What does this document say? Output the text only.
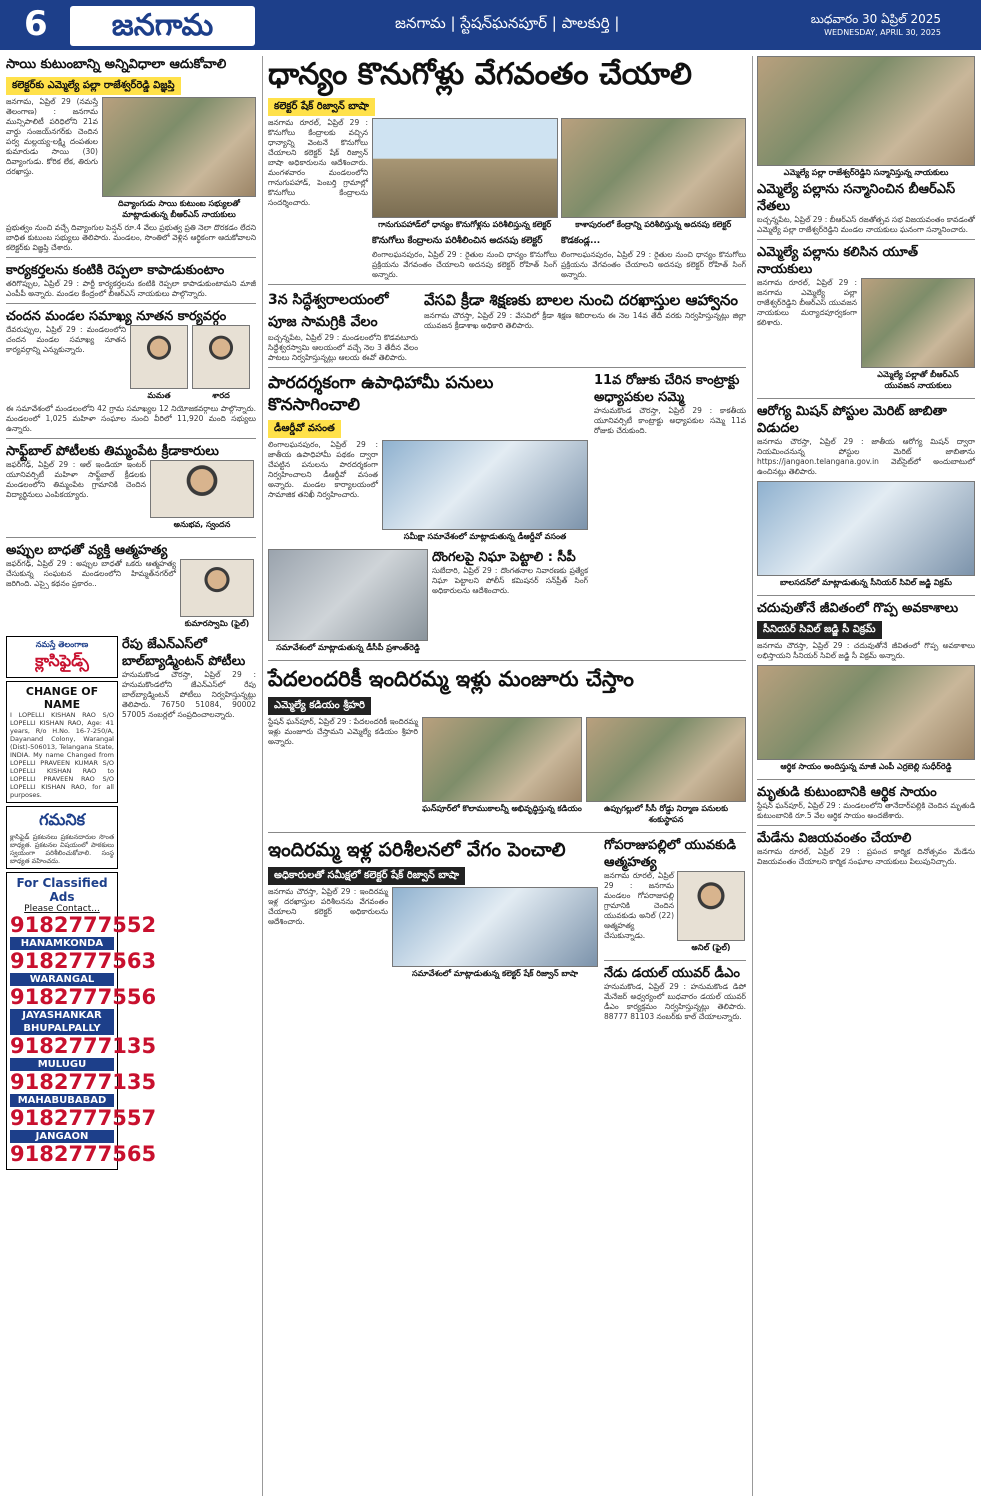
6	జనగామ	జనగామ | స్టేషన్‌ఘనపూర్ | పాలకుర్తి |	బుధవారం 30 ఏప్రిల్ 2025
WEDNESDAY, APRIL 30, 2025
సాయి కుటుంబాన్ని అన్నివిధాలా ఆదుకోవాలి
కలెక్టర్‌కు ఎమ్మెల్యే పల్లా రాజేశ్వర్‌రెడ్డి విజ్ఞప్తి
జనగామ, ఏప్రిల్ 29 (నమస్తే తెలంగాణ) : జనగామ మున్సిపాలిటీ పరిధిలోని 21వ వార్డు సంజయ్‌నగర్‌కు చెందిన పర్వ మల్లయ్య-లక్ష్మి దంపతుల కుమారుడు సాయి (30) దివ్యాంగుడు. కోరిక లేక, తిరుగు దరఖాస్తు.
దివ్యాంగుడు సాయి కుటుంబ సభ్యులతో మాట్లాడుతున్న బీఆర్ఎస్ నాయకులు
ప్రభుత్వం నుంచి వచ్చే దివ్యాంగుల పెన్షన్ రూ.4 వేలు ప్రభుత్వ ప్రతి నెలా దొరకడం లేదని బాధిత కుటుంబ సభ్యులు తెలిపారు. మండలం, సొంతిలో వెళ్లిన ఆర్థికంగా ఆదుకోవాలని కలెక్టర్‌కు విజ్ఞప్తి చేశారు.
కార్యకర్తలను కంటికి రెప్పలా కాపాడుకుంటాం
తరిగొప్పుల, ఏప్రిల్ 29 : పార్టీ కార్యకర్తలను కంటికి రెప్పలా కాపాడుకుంటామని మాజీ ఎంపీపీ అన్నారు. మండల కేంద్రంలో బీఆర్ఎస్ నాయకులు పాల్గొన్నారు.
చందన మండల సమాఖ్య నూతన కార్యవర్గం
దేవరుప్పుల, ఏప్రిల్ 29 : మండలంలోని చందన మండల సమాఖ్య నూతన కార్యవర్గాన్ని ఎన్నుకున్నారు.
మమత	శారద
ఈ సమావేశంలో మండలంలోని 42 గ్రామ సమాఖ్యల 12 నియోజకవర్గాలు పాల్గొన్నారు. మండలంలో 1,025 మహిళా సంఘాల నుంచి వీరిలో 11,920 మంది సభ్యులు ఉన్నారు.
సాఫ్ట్‌బాల్ పోటీలకు తిమ్మంపేట క్రీడాకారులు
జఫర్‌గఢ్, ఏప్రిల్ 29 : ఆల్ ఇండియా ఇంటర్ యూనివర్సిటీ మహిళా సాఫ్ట్‌బాల్ క్రీడలకు మండలంలోని తిమ్మంపేట గ్రామానికి చెందిన విద్యార్థినులు ఎంపికయ్యారు.
అనుభవ, స్వందన
అప్పుల బాధతో వ్యక్తి ఆత్మహత్య
జఫర్‌గఢ్, ఏప్రిల్ 29 : అప్పుల బాధతో ఒకరు ఆత్మహత్య చేసుకున్న సంఘటన మండలంలోని హిమ్మత్‌నగర్‌లో జరిగింది. ఎస్సై కథనం ప్రకారం..
కుమారస్వామి (ఫైల్)
నమస్తే తెలంగాణ
క్లాసిఫైడ్స్
CHANGE OF NAME
I LOPELLI KISHAN RAO S/O LOPELLI KISHAN RAO, Age: 41 years, R/o H.No. 16-7-250/A, Dayanand Colony, Warangal (Dist)-506013, Telangana State, INDIA. My name Changed from LOPELLI PRAVEEN KUMAR S/O LOPELLI KISHAN RAO to LOPELLI PRAVEEN RAO S/O LOPELLI KISHAN RAO, for all purposes.
గమనిక
క్లాసిఫైడ్ ప్రకటనలు ప్రకటనదారుల సొంత బాధ్యత. ప్రకటనల విషయంలో పాఠకులు స్వయంగా పరిశీలించుకోవాలి. సంస్థ బాధ్యత వహించదు.
For Classified Ads
Please Contact...
9182777552
HANAMKONDA
9182777563
WARANGAL
9182777556
JAYASHANKAR BHUPALPALLY
9182777135
MULUGU
9182777135
MAHABUBABAD
9182777557
JANGAON
9182777565
రేపు జేఎన్‌ఎస్‌లో బాల్‌బ్యాడ్మింటన్ పోటీలు
హనుమకొండ చౌరస్తా, ఏప్రిల్ 29 : హనుమకొండలోని జేఎన్‌ఎస్‌లో రేపు బాల్‌బ్యాడ్మింటన్ పోటీలు నిర్వహిస్తున్నట్లు తెలిపారు. 76750 51084, 90002 57005 నంబర్లలో సంప్రదించాలన్నారు.
ధాన్యం కొనుగోళ్లు వేగవంతం చేయాలి
కలెక్టర్ షేక్ రిజ్వాన్ బాషా
జనగామ రూరల్, ఏప్రిల్ 29 : కొనుగోలు కేంద్రాలకు వచ్చిన ధాన్యాన్ని వెంటనే కొనుగోలు చేయాలని కలెక్టర్ షేక్ రిజ్వాన్ బాషా అధికారులను ఆదేశించారు. మంగళవారం మండలంలోని గానుగుపహాడ్, పెంబర్తి గ్రామాల్లో కొనుగోలు కేంద్రాలను సందర్శించారు.
గానుగుపహాడ్‌లో ధాన్యం కొనుగోళ్లను పరిశీలిస్తున్న కలెక్టర్	కాశాపురంలో కేంద్రాన్ని పరిశీలిస్తున్న అదనపు కలెక్టర్
కొనుగోలు కేంద్రాలను పరిశీలించిన అదనపు కలెక్టర్
లింగాలఘనపురం, ఏప్రిల్ 29 : రైతుల నుంచి ధాన్యం కొనుగోలు ప్రక్రియను వేగవంతం చేయాలని అదనపు కలెక్టర్ రోహిత్ సింగ్ అన్నారు.
కొడకండ్ల...
లింగాలఘనపురం, ఏప్రిల్ 29 : రైతుల నుంచి ధాన్యం కొనుగోలు ప్రక్రియను వేగవంతం చేయాలని అదనపు కలెక్టర్ రోహిత్ సింగ్ అన్నారు.
3న సిద్ధేశ్వరాలయంలో పూజ సామగ్రికి వేలం
బచ్చన్నపేట, ఏప్రిల్ 29 : మండలంలోని కొడవటూరు సిద్ధేశ్వరస్వామి ఆలయంలో వచ్చే నెల 3 తేదీన వేలం పాటలు నిర్వహిస్తున్నట్లు ఆలయ ఈవో తెలిపారు.
వేసవి క్రీడా శిక్షణకు బాలల నుంచి దరఖాస్తుల ఆహ్వానం
జనగామ చౌరస్తా, ఏప్రిల్ 29 : వేసవిలో క్రీడా శిక్షణ శిబిరాలను ఈ నెల 14వ తేదీ వరకు నిర్వహిస్తున్నట్లు జిల్లా యువజన క్రీడాశాఖ అధికారి తెలిపారు.
పారదర్శకంగా ఉపాధిహామీ పనులు కొనసాగించాలి
డీఆర్డీవో వసంత
లింగాలఘనపురం, ఏప్రిల్ 29 : జాతీయ ఉపాధిహామీ పథకం ద్వారా చేపట్టిన పనులను పారదర్శకంగా నిర్వహించాలని డీఆర్డీవో వసంత అన్నారు. మండల కార్యాలయంలో సామాజిక తనిఖీ నిర్వహించారు.
సమీక్షా సమావేశంలో మాట్లాడుతున్న డీఆర్డీవో వసంత
సమావేశంలో మాట్లాడుతున్న డీసీపీ ప్రశాంత్‌రెడ్డి
దొంగలపై నిఘా పెట్టాలి : సీపీ
సుబేదారి, ఏప్రిల్ 29 : దొంగతనాల నివారణకు ప్రత్యేక నిఘా పెట్టాలని పోలీస్ కమిషనర్ సన్‌ప్రీత్ సింగ్ అధికారులను ఆదేశించారు.
11వ రోజుకు చేరిన కాంట్రాక్టు అధ్యాపకుల సమ్మె
హనుమకొండ చౌరస్తా, ఏప్రిల్ 29 : కాకతీయ యూనివర్సిటీ కాంట్రాక్టు అధ్యాపకుల సమ్మె 11వ రోజుకు చేరుకుంది.
పేదలందరికీ ఇందిరమ్మ ఇళ్లు మంజూరు చేస్తాం
ఎమ్మెల్యే కడియం శ్రీహరి
స్టేషన్ ఘన్‌పూర్, ఏప్రిల్ 29 : పేదలందరికీ ఇందిరమ్మ ఇళ్లు మంజూరు చేస్తామని ఎమ్మెల్యే కడియం శ్రీహరి అన్నారు.
ఘన్‌పూర్‌లో కొలాముకాలన్నీ అభివృద్ధిస్తున్న కడియం	ఉప్పుగల్లులో సీసీ రోడ్డు నిర్మాణ పనులకు శంకుస్థాపన
ఇందిరమ్మ ఇళ్ల పరిశీలనలో వేగం పెంచాలి
అధికారులతో సమీక్షలో కలెక్టర్ షేక్ రిజ్వాన్ బాషా
జనగామ చౌరస్తా, ఏప్రిల్ 29 : ఇందిరమ్మ ఇళ్ల దరఖాస్తుల పరిశీలనను వేగవంతం చేయాలని కలెక్టర్ అధికారులను ఆదేశించారు.
సమావేశంలో మాట్లాడుతున్న కలెక్టర్ షేక్ రిజ్వాన్ బాషా
గోపరాజుపల్లిలో యువకుడి ఆత్మహత్య
జనగామ రూరల్, ఏప్రిల్ 29 : జనగామ మండలం గోపరాజుపల్లి గ్రామానికి చెందిన యువకుడు అనిల్ (22) ఆత్మహత్య చేసుకున్నాడు.
అనిల్ (ఫైల్)
నేడు డయల్ యువర్ డీఎం
హనుమకొండ, ఏప్రిల్ 29 : హనుమకొండ డిపో మేనేజర్ అధ్వర్యంలో బుధవారం డయల్ యువర్ డీఎం కార్యక్రమం నిర్వహిస్తున్నట్లు తెలిపారు. 88777 81103 నంబర్‌కు కాల్ చేయాలన్నారు.
ఎమ్మెల్యే పల్లా రాజేశ్వర్‌రెడ్డిని సన్మానిస్తున్న నాయకులు
ఎమ్మెల్యే పల్లాను సన్మానించిన బీఆర్ఎస్ నేతలు
బచ్చన్నపేట, ఏప్రిల్ 29 : బీఆర్ఎస్ రజతోత్సవ సభ విజయవంతం కావడంతో ఎమ్మెల్యే పల్లా రాజేశ్వర్‌రెడ్డిని మండల నాయకులు ఘనంగా సన్మానించారు.
ఎమ్మెల్యే పల్లాను కలిసిన యూత్ నాయకులు
జనగామ రూరల్, ఏప్రిల్ 29 : జనగామ ఎమ్మెల్యే పల్లా రాజేశ్వర్‌రెడ్డిని బీఆర్ఎస్ యువజన నాయకులు మర్యాదపూర్వకంగా కలిశారు.
ఎమ్మెల్యే పల్లాతో బీఆర్ఎస్ యువజన నాయకులు
ఆరోగ్య మిషన్ పోస్టుల మెరిట్ జాబితా విడుదల
జనగామ చౌరస్తా, ఏప్రిల్ 29 : జాతీయ ఆరోగ్య మిషన్ ద్వారా నియమించనున్న పోస్టుల మెరిట్ జాబితాను https://jangaon.telangana.gov.in వెబ్‌సైట్‌లో అందుబాటులో ఉంచినట్లు తెలిపారు.
బాలసదన్‌లో మాట్లాడుతున్న సీనియర్ సివిల్ జడ్జి విక్రమ్
చదువుతోనే జీవితంలో గొప్ప అవకాశాలు
సీనియర్ సివిల్ జడ్జి సీ విక్రమ్
జనగామ చౌరస్తా, ఏప్రిల్ 29 : చదువుతోనే జీవితంలో గొప్ప అవకాశాలు లభిస్తాయని సీనియర్ సివిల్ జడ్జి సీ విక్రమ్ అన్నారు.
ఆర్థిక సాయం అందిస్తున్న మాజీ ఎంపీ ఎర్రబెల్లి సుధీర్‌రెడ్డి
మృతుడి కుటుంబానికి ఆర్థిక సాయం
స్టేషన్ ఘన్‌పూర్, ఏప్రిల్ 29 : మండలంలోని తానేదార్‌పల్లికి చెందిన మృతుడి కుటుంబానికి రూ.5 వేల ఆర్థిక సాయం అందజేశారు.
మేడేను విజయవంతం చేయాలి
జనగామ రూరల్, ఏప్రిల్ 29 : ప్రపంచ కార్మిక దినోత్సవం మేడేను విజయవంతం చేయాలని కార్మిక సంఘాల నాయకులు పిలుపునిచ్చారు.
